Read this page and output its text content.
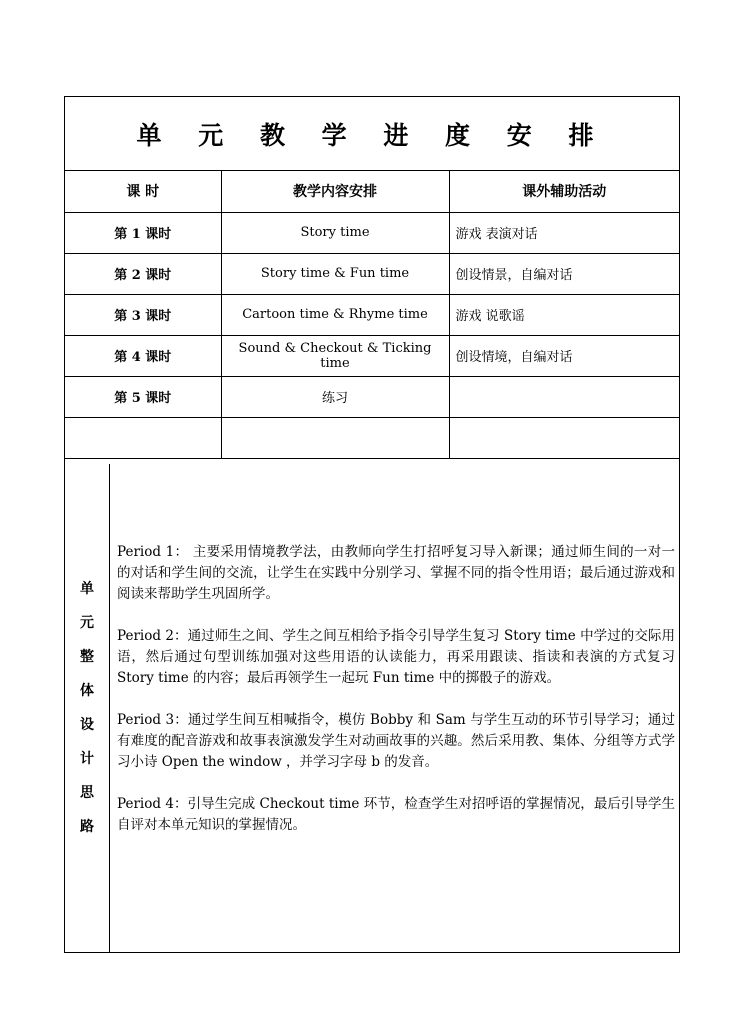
单 元 教 学 进 度 安 排
课 时	教学内容安排	课外辅助活动
第 1 课时	Story time	游戏 表演对话
第 2 课时	Story time & Fun time	创设情景，自编对话
第 3 课时	Cartoon time & Rhyme time	游戏 说歌谣
第 4 课时	Sound & Checkout & Ticking time	创设情境，自编对话
第 5 课时	练习	

单
元
整
体
设
计
思
路

Period 1： 主要采用情境教学法，由教师向学生打招呼复习导入新课；通过师生间的一对一的对话和学生间的交流，让学生在实践中分别学习、掌握不同的指令性用语；最后通过游戏和阅读来帮助学生巩固所学。

Period 2：通过师生之间、学生之间互相给予指令引导学生复习 Story time 中学过的交际用语，然后通过句型训练加强对这些用语的认读能力，再采用跟读、指读和表演的方式复习 Story time 的内容；最后再领学生一起玩 Fun time 中的掷骰子的游戏。

Period 3：通过学生间互相喊指令，模仿 Bobby 和 Sam 与学生互动的环节引导学习；通过有难度的配音游戏和故事表演激发学生对动画故事的兴趣。然后采用教、集体、分组等方式学习小诗 Open the window ，并学习字母 b 的发音。

Period 4：引导生完成 Checkout time 环节，检查学生对招呼语的掌握情况，最后引导学生自评对本单元知识的掌握情况。
